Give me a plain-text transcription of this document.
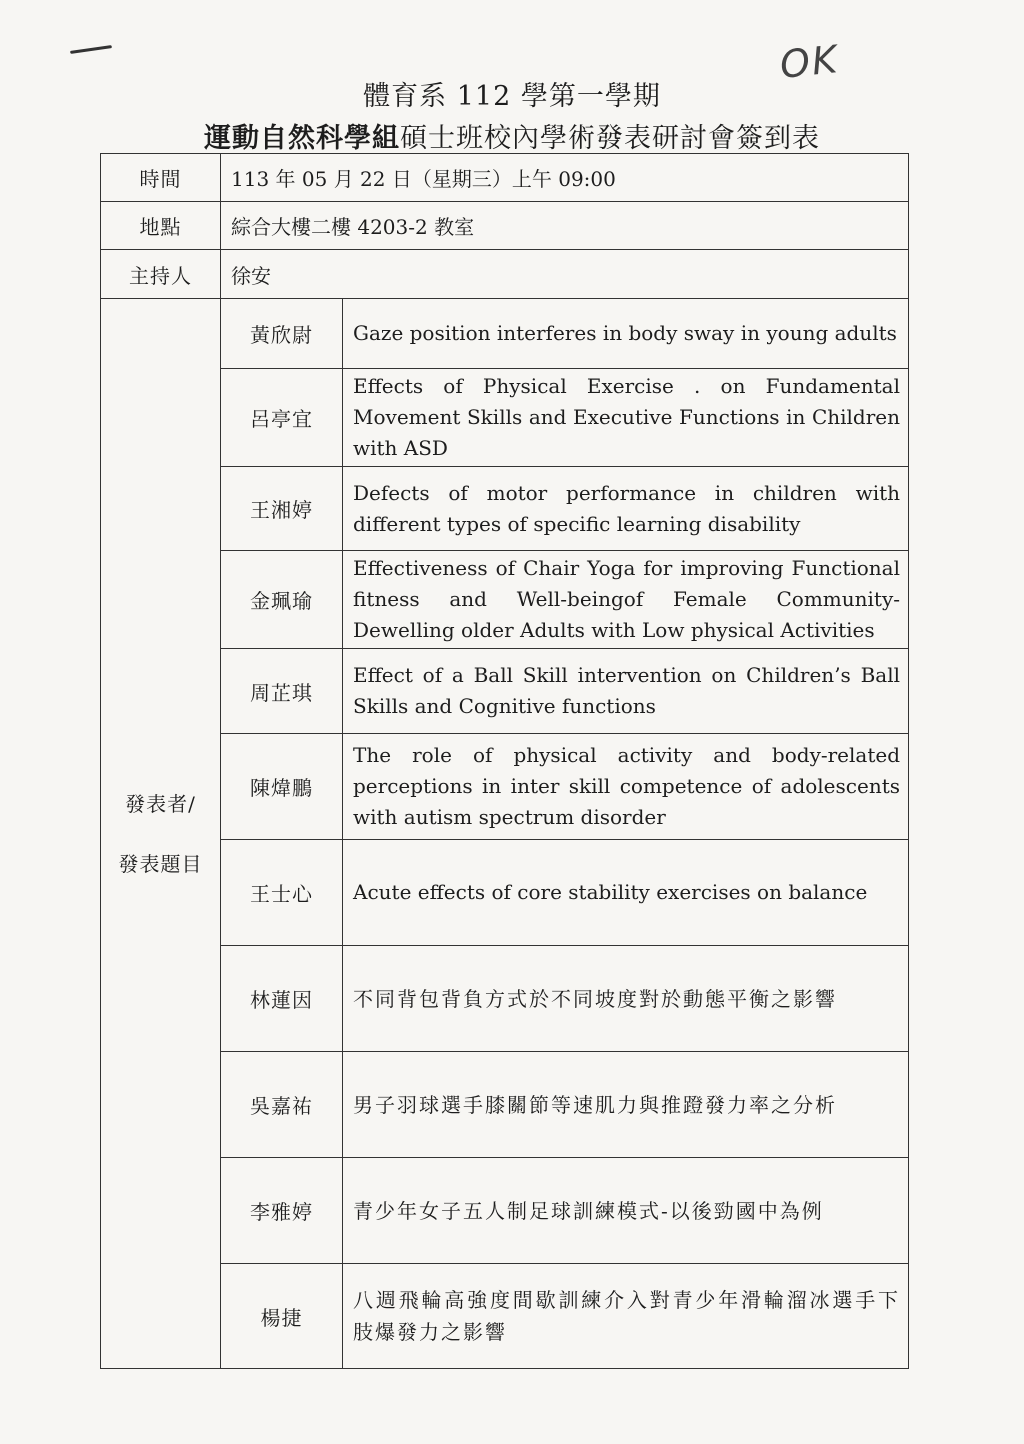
OK
體育系 112 學第一學期
運動自然科學組碩士班校內學術發表研討會簽到表
時間	113 年 05 月 22 日（星期三）上午 09:00	
地點	綜合大樓二樓 4203-2 教室	
主持人	徐安	

發表者/
發表題目	黃欣尉	Gaze position interferes in body sway in young adults
	呂亭宜	Effects of Physical Exercise . on Fundamental Movement Skills and Executive Functions in Children with ASD
	王湘婷	Defects of motor performance in children with different types of specific learning disability
	金珮瑜	Effectiveness of Chair Yoga for improving Functional fitness and Well-beingof Female Community-Dewelling older Adults with Low physical Activities
	周芷琪	Effect of a Ball Skill intervention on Children’s Ball Skills and Cognitive functions
	陳煒鵬	The role of physical activity and body-related perceptions in inter skill competence of adolescents with autism spectrum disorder
	王士心	Acute effects of core stability exercises on balance
	林蓮因	不同背包背負方式於不同坡度對於動態平衡之影響
	吳嘉祐	男子羽球選手膝關節等速肌力與推蹬發力率之分析
	李雅婷	青少年女子五人制足球訓練模式-以後勁國中為例
	楊捷	八週飛輪高強度間歇訓練介入對青少年滑輪溜冰選手下肢爆發力之影響
